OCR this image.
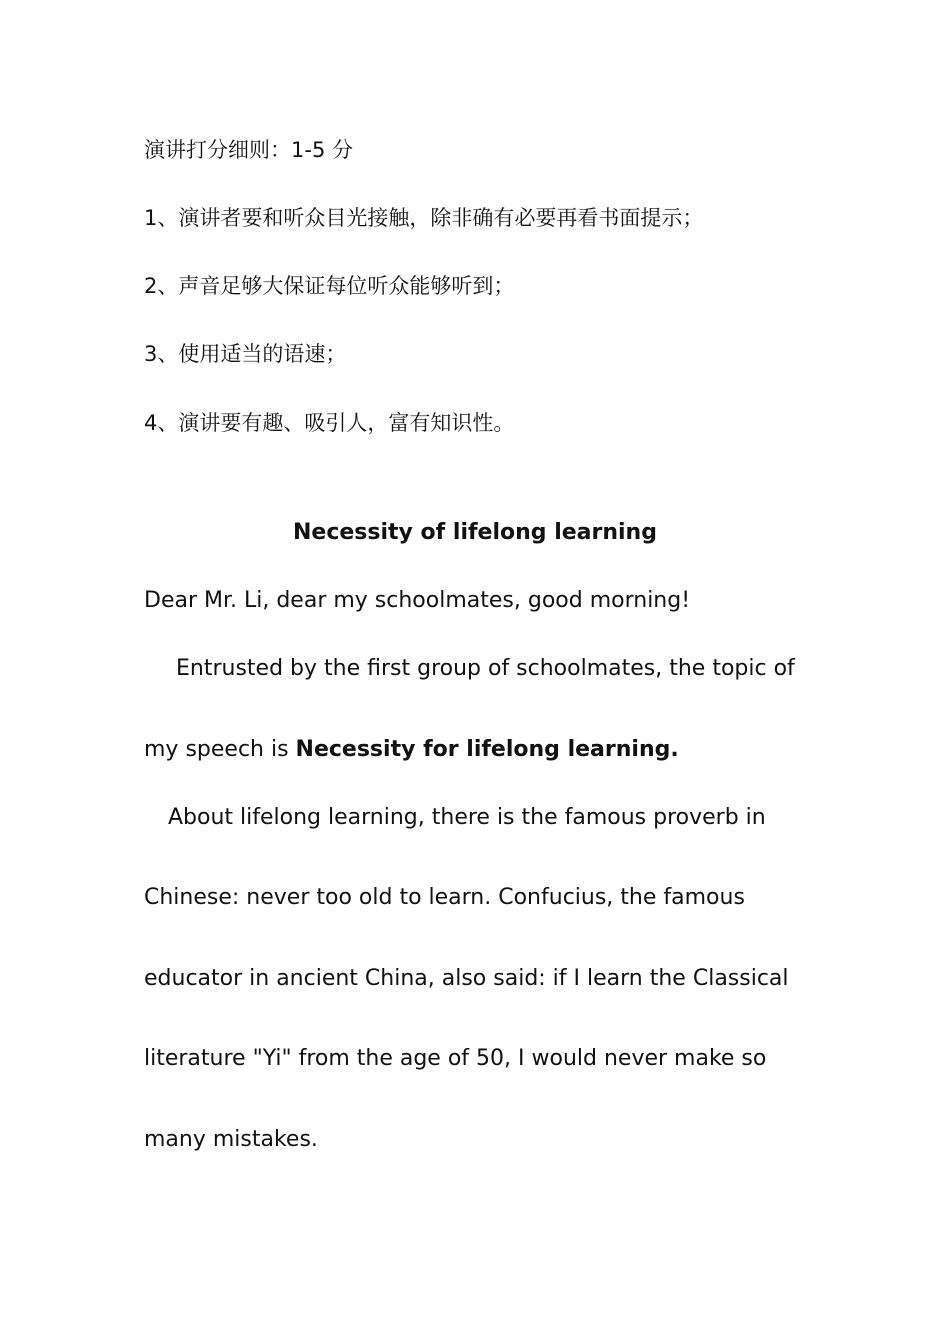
演讲打分细则：1-5 分
1、演讲者要和听众目光接触，除非确有必要再看书面提示；
2、声音足够大保证每位听众能够听到；
3、使用适当的语速；
4、演讲要有趣、吸引人，富有知识性。
Necessity of lifelong learning
Dear Mr. Li, dear my schoolmates, good morning!
Entrusted by the first group of schoolmates, the topic of
my speech is Necessity for lifelong learning.
About lifelong learning, there is the famous proverb in
Chinese: never too old to learn. Confucius, the famous
educator in ancient China, also said: if I learn the Classical
literature "Yi" from the age of 50, I would never make so
many mistakes.
